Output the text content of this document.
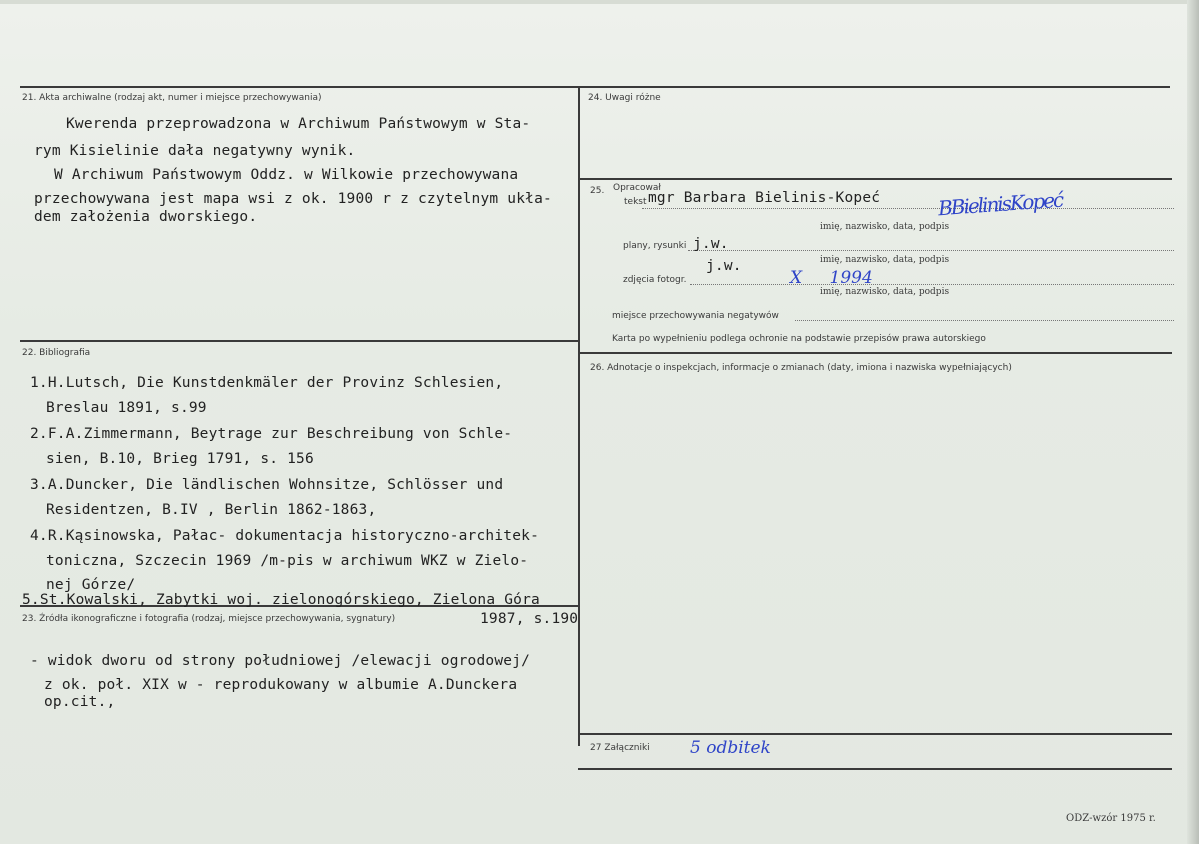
21. Akta archiwalne (rodzaj akt, numer i miejsce przechowywania)
Kwerenda przeprowadzona w Archiwum Państwowym w Sta-
rym Kisielinie dała negatywny wynik.
W Archiwum Państwowym Oddz. w Wilkowie przechowywana
przechowywana jest mapa wsi z ok. 1900 r z czytelnym ukła-
dem założenia dworskiego.
22. Bibliografia
1.H.Lutsch, Die Kunstdenkmäler der Provinz Schlesien,
Breslau 1891, s.99
2.F.A.Zimmermann, Beytrage zur Beschreibung von Schle-
sien, B.10, Brieg 1791, s. 156
3.A.Duncker, Die ländlischen Wohnsitze, Schlösser und
Residentzen, B.IV , Berlin 1862-1863,
4.R.Kąsinowska, Pałac- dokumentacja historyczno-architek-
toniczna, Szczecin 1969 /m-pis w archiwum WKZ w Zielo-
nej Górze/
5.St.Kowalski, Zabytki woj. zielonogórskiego, Zielona Góra
1987, s.190
23. Źródła ikonograficzne i fotografia (rodzaj, miejsce przechowywania, sygnatury)
- widok dworu od strony południowej /elewacji ogrodowej/
z ok. poł. XIX w - reprodukowany w albumie A.Dunckera
op.cit.,
24. Uwagi różne
25. Opracował
tekst mgr Barbara Bielinis-Kopeć	BBielinisKopeć
imię, nazwisko, data, podpis
plany, rysunki j.w.
imię, nazwisko, data, podpis
j.w.
zdjęcia fotogr.	X 1994
imię, nazwisko, data, podpis
miejsce przechowywania negatywów
Karta po wypełnieniu podlega ochronie na podstawie przepisów prawa autorskiego
26. Adnotacje o inspekcjach, informacje o zmianach (daty, imiona i nazwiska wypełniających)
27 Załączniki 5 odbitek
ODZ-wzór 1975 r.
